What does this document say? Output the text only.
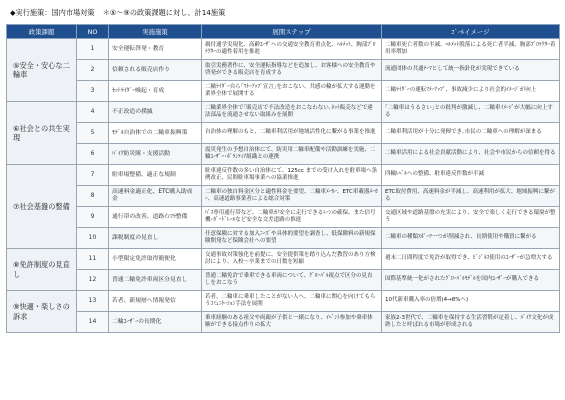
◆実行施策：国内市場対策 ＊⑤～⑨の政策課題に対し、計14施策
政策課題	NO	実施施策	展開ステップ	ｺﾞｰﾙイメージ
⑤安全・安心な二輪車	1	安全運転啓発・教育	親付通学実現化、高齢ﾕｰｻﾞへの交通安全教育重点化、ﾍﾙﾒｯﾄ、胸部ﾌﾟﾛﾃｸﾀｰの適性着用を推進	二輪車死亡者数の半減、ﾍﾙﾒｯﾄ脱落による死亡者半減、胸部ﾌﾟﾛﾃｸﾀｰ着用率増加
	2	信頼される販売店作り	取引実務著作に、安全運転指導などを追加し、お客様への安全教育や啓発ができる販売店を育成する	流通団体の共通ﾃｰﾏとして統一指針化が実現できている
	3	ｾｯﾄﾗｲﾀﾞｰ喚起・育成	二輪ﾗｲﾀﾞｰ自ら｢ﾏﾅｰｱｯﾌﾟ宣言｣をおこない、共感の輪が拡大する運動を業界全体で展開する	二輪ﾗｲﾀﾞｰの運転ﾏﾅｰｱｯﾌﾟ、事故減少により社会的ｲﾒｰｼﾞが向上
⑥社会との共生実現	4	不正改造の撲滅	二輪業界全体で｢販売店で不法改造をおこなわない､ﾈｯﾄ販売などで違法部品を流通させない取組みを展開	｢二輪車はうるさい｣との批判が激減し、二輪車ｲﾒｰｼﾞが大幅に向上する
	5	ﾓﾃﾞﾙ自治体での二輪車振興策	自治体の理解のもと、二輪車利活用が地域活性化に繋がる事業を推進	二輪車利活用が十分に発揮でき､市民の二輪車への理解が深まる
	6	ﾊﾞｲｸ防災隊・支援活動	震災発生の予想自治体にて、防災用二輪車配備や活動訓練を実施、二輪ﾕｰｻﾞｰ･ﾎﾞﾗﾝﾃｨｱ組織との連携	二輪車活用による社会貢献活動により、社会や市民からの信頼を得る
⑦社会基盤の整備	7	駐車場整備、適正な規制	駐車違反件数の多い自治体にて、125cc までの受け入れを駐車場へ条例改正、民間駐車場事業への協業推進	四輪ﾚﾍﾞﾙへの整備、駐車違反件数が半減
	8	高速料金適正化、ETC購入助成金	二輪車の独自料金区分と適性料金を要望、二輪車ﾒｰｶｰ、ETC車載器ﾒｰｶｰ、高速道路事業者による総合対策	ETC取付費用、高速料金が半減し、高速利用が拡大、地域振興に繋がる
	9	通行帯の改善、道路ｲﾝﾌﾗ整備	ﾊﾞｽ専用通行帯など、二輪車が安全に走行できるﾚｰﾝの確保、また信号機･ｶﾞｰﾄﾞﾚｰﾙなど安全な交差道路の推進	交通区域や道路基盤の充実により、安全で楽しく走行できる環境が整う
	10	課税制度の見直し	任意保険に対する加入ﾆｰｽﾞや具体的要望を調査し、低保険料の新規保険開発など保険会社への要望	二輪車の種類ｽﾎﾟｰﾂ一つが削減され、長期使用や購買に繋がる
⑧免許制度の見直し	11	小型限定免許取得簡便化	交通事故対策強化を前提に、安全提供策を踏り込んだ教習のあり方検討により、入校〜卒業までの日数を短縮	週末二日間程度で免許が取得でき、ﾋﾞｼﾞﾈｽ使用のﾕｰｻﾞｰが急増大する
	12	普通二輪免許車両区分見直し	普通二輪免許で乗車できる車両について、ｸﾞﾛｰﾊﾞﾙ視点で区分の見直しをおこなう	国際基準統一化がされたｸﾞﾛｰﾊﾞﾙﾓﾃﾞﾙを国内ﾕｰｻﾞｰが購入できる
⑨快適・楽しさの訴求	13	若者、新規層へ情報発信	若者、二輪車に乗車したことがない人へ、二輪車に関心を向けてもらうｺﾐｭﾆｹｰｼｮﾝ手法を展開	10代新車購入率の倍増(4→8%へ)
	14	二輪ﾕｰｻﾞｰの長期化	乗車経験のある祖父や両親が子供と一緒になり、ｲﾍﾞﾝﾄ参加や乗車体験ができる接点作りの拡大	家族2-3世代で、二輪車を保持する生活習慣が定着し、ﾊﾞｲｸ文化が成熟したと呼ばれる市場が形成される
